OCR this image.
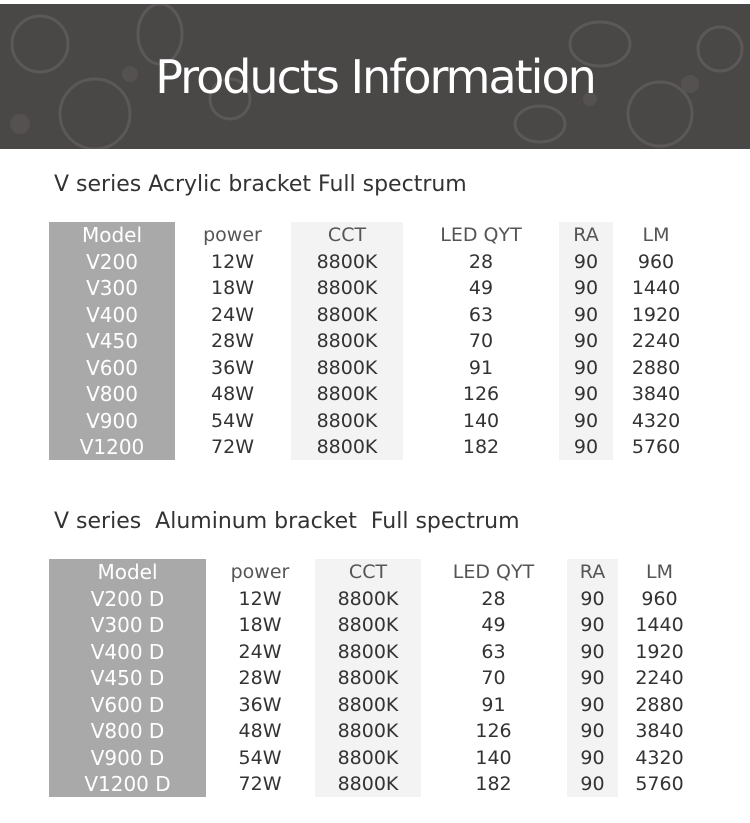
Products Information
V series Acrylic bracket Full spectrum
Model	power	CCT	LED QYT	RA	LM
V200	12W	8800K	28	90	960
V300	18W	8800K	49	90	1440
V400	24W	8800K	63	90	1920
V450	28W	8800K	70	90	2240
V600	36W	8800K	91	90	2880
V800	48W	8800K	126	90	3840
V900	54W	8800K	140	90	4320
V1200	72W	8800K	182	90	5760
V series  Aluminum bracket  Full spectrum
Model	power	CCT	LED QYT	RA	LM
V200 D	12W	8800K	28	90	960
V300 D	18W	8800K	49	90	1440
V400 D	24W	8800K	63	90	1920
V450 D	28W	8800K	70	90	2240
V600 D	36W	8800K	91	90	2880
V800 D	48W	8800K	126	90	3840
V900 D	54W	8800K	140	90	4320
V1200 D	72W	8800K	182	90	5760
